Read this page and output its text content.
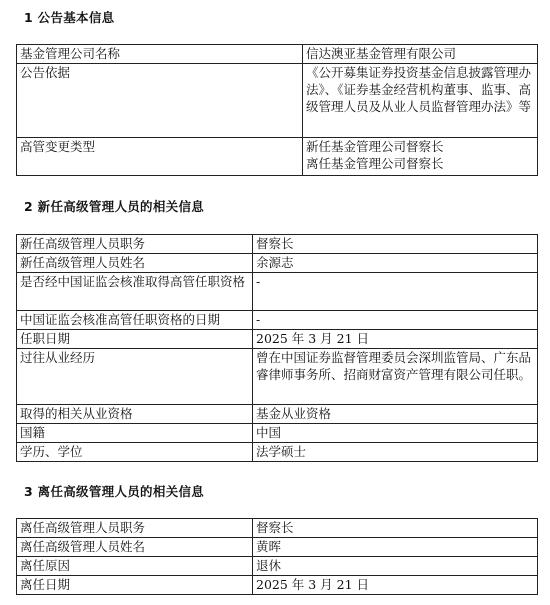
1 公告基本信息
基金管理公司名称	信达澳亚基金管理有限公司
公告依据	《公开募集证券投资基金信息披露管理办法》、《证券基金经营机构董事、监事、高级管理人员及从业人员监督管理办法》等
高管变更类型	新任基金管理公司督察长
离任基金管理公司督察长
2 新任高级管理人员的相关信息
新任高级管理人员职务	督察长
新任高级管理人员姓名	余源志
是否经中国证监会核准取得高管任职资格	-
中国证监会核准高管任职资格的日期	-
任职日期	2025 年 3 月 21 日
过往从业经历	曾在中国证券监督管理委员会深圳监管局、广东品睿律师事务所、招商财富资产管理有限公司任职。
取得的相关从业资格	基金从业资格
国籍	中国
学历、学位	法学硕士
3 离任高级管理人员的相关信息
离任高级管理人员职务	督察长
离任高级管理人员姓名	黄晖
离任原因	退休
离任日期	2025 年 3 月 21 日
